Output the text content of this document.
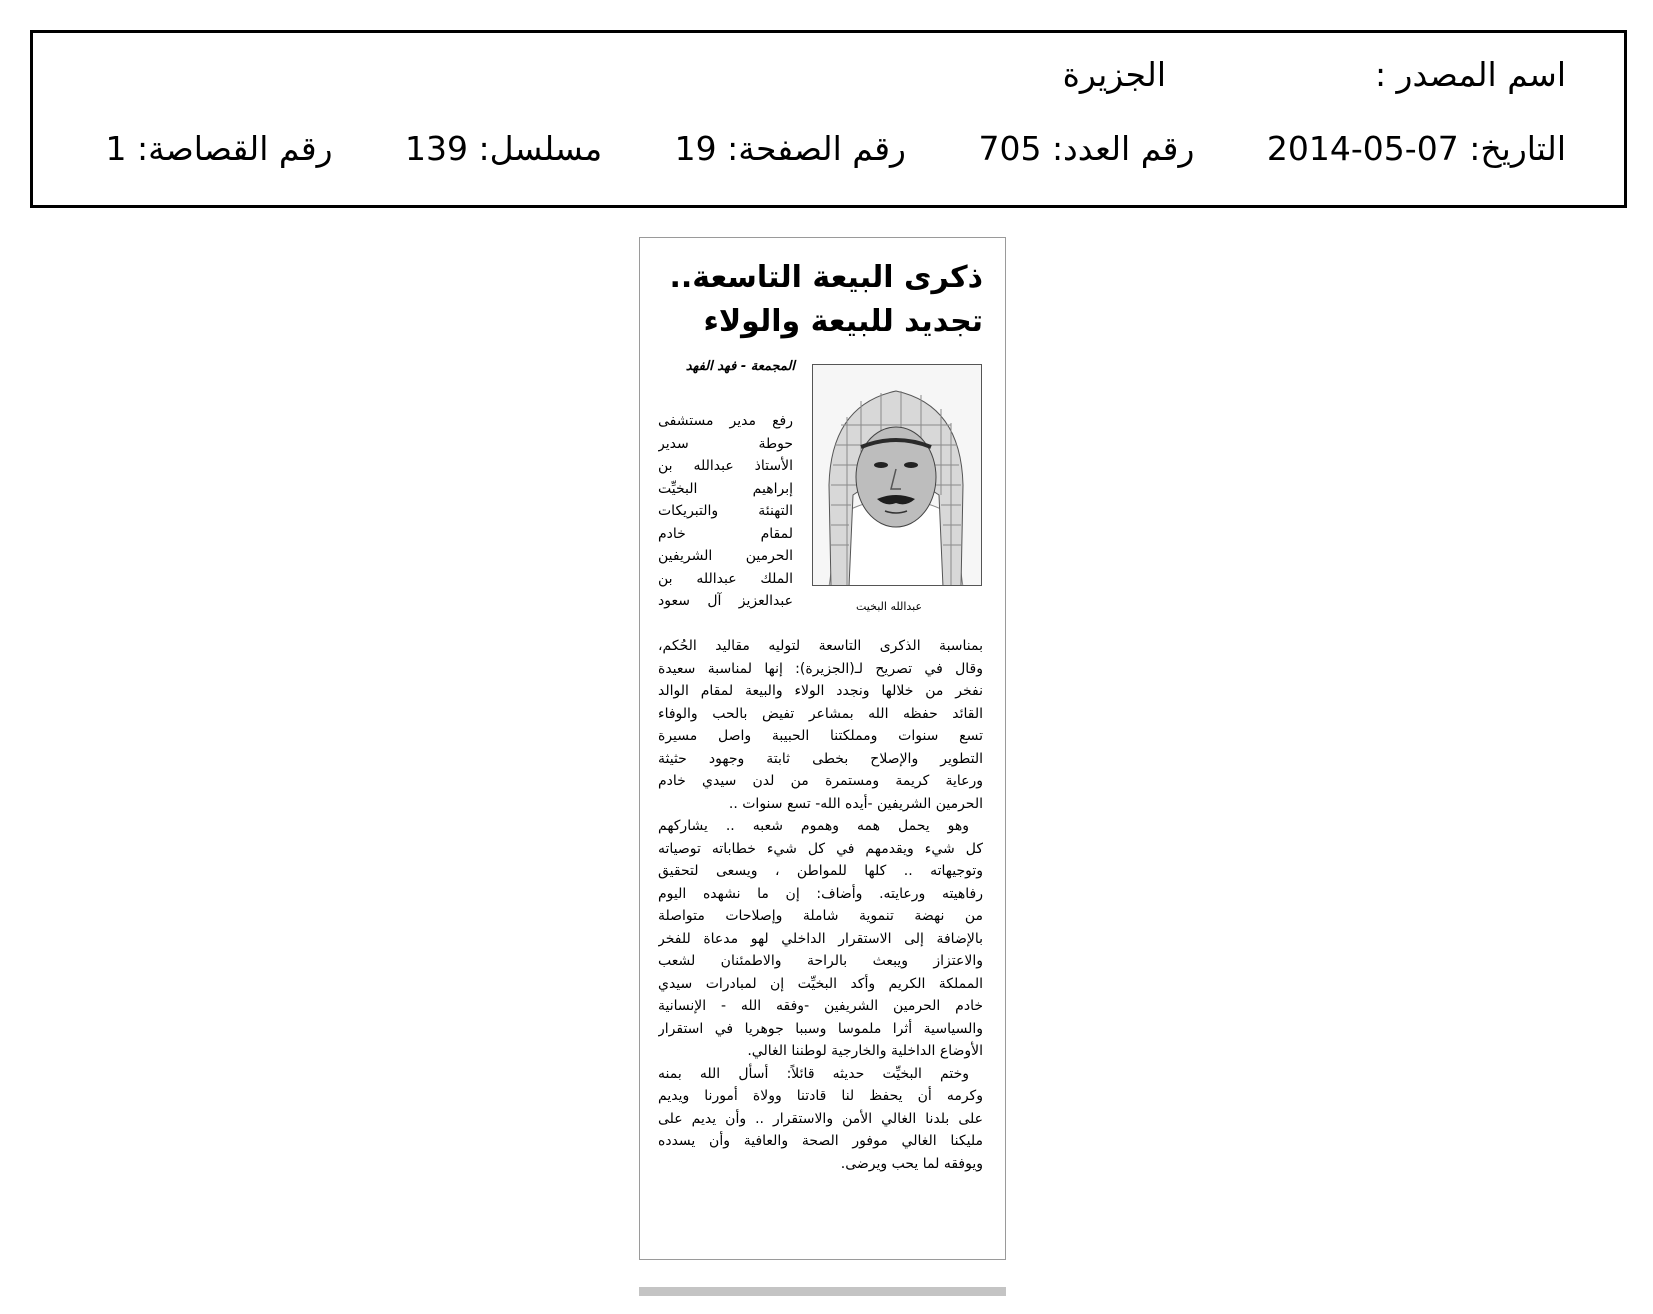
اسم المصدر :
الجزيرة
التاريخ: 07-05-2014 رقم العدد: 705 رقم الصفحة: 19 مسلسل: 139 رقم القصاصة: 1
ذكرى البيعة التاسعة..
تجديد للبيعة والولاء
المجمعة - فهد الفهد
عبدالله البخيت
رفع مدير مستشفى
حوطة سدير
الأستاذ عبدالله بن
إبراهيم البخيِّت
التهنئة والتبريكات
لمقام خادم
الحرمين الشريفين
الملك عبدالله بن
عبدالعزيز آل سعود
بمناسبة الذكرى التاسعة لتوليه مقاليد الحُكم،
وقال في تصريح لـ(الجزيرة): إنها لمناسبة سعيدة
نفخر من خلالها ونجدد الولاء والبيعة لمقام الوالد
القائد حفظه الله بمشاعر تفيض بالحب والوفاء
تسع سنوات ومملكتنا الحبيبة واصل مسيرة
التطوير والإصلاح بخطى ثابتة وجهود حثيثة
ورعاية كريمة ومستمرة من لدن سيدي خادم
الحرمين الشريفين -أيده الله- تسع سنوات ..
وهو يحمل همه وهموم شعبه .. يشاركهم
كل شيء ويقدمهم في كل شيء خطاباته توصياته
وتوجيهاته .. كلها للمواطن ، ويسعى لتحقيق
رفاهيته ورعايته. وأضاف: إن ما نشهده اليوم
من نهضة تنموية شاملة وإصلاحات متواصلة
بالإضافة إلى الاستقرار الداخلي لهو مدعاة للفخر
والاعتزاز ويبعث بالراحة والاطمئنان لشعب
المملكة الكريم وأكد البخيِّت إن لمبادرات سيدي
خادم الحرمين الشريفين -وفقه الله - الإنسانية
والسياسية أثرا ملموسا وسببا جوهريا في استقرار
الأوضاع الداخلية والخارجية لوطننا الغالي.
وختم البخيِّت حديثه قائلاً: أسأل الله بمنه
وكرمه أن يحفظ لنا قادتنا وولاة أمورنا ويديم
على بلدنا الغالي الأمن والاستقرار .. وأن يديم على
مليكنا الغالي موفور الصحة والعافية وأن يسدده
ويوفقه لما يحب ويرضى.
